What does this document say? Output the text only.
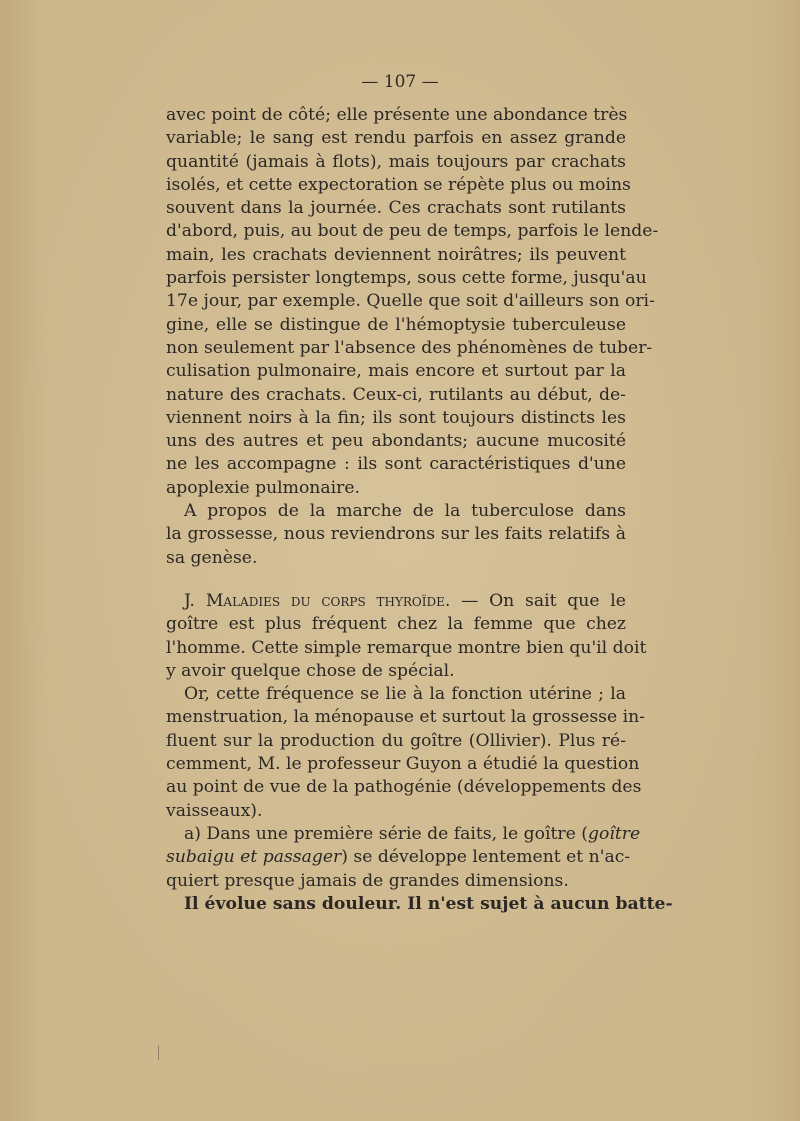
— 107 —
avec point de côté; elle présente une abondance très
variable; le sang est rendu parfois en assez grande
quantité (jamais à flots), mais toujours par crachats
isolés, et cette expectoration se répète plus ou moins
souvent dans la journée. Ces crachats sont rutilants
d'abord, puis, au bout de peu de temps, parfois le lende-
main, les crachats deviennent noirâtres; ils peuvent
parfois persister longtemps, sous cette forme, jusqu'au
17e jour, par exemple. Quelle que soit d'ailleurs son ori-
gine, elle se distingue de l'hémoptysie tuberculeuse
non seulement par l'absence des phénomènes de tuber-
culisation pulmonaire, mais encore et surtout par la
nature des crachats. Ceux-ci, rutilants au début, de-
viennent noirs à la fin; ils sont toujours distincts les
uns des autres et peu abondants; aucune mucosité
ne les accompagne : ils sont caractéristiques d'une
apoplexie pulmonaire.
A propos de la marche de la tuberculose dans
la grossesse, nous reviendrons sur les faits relatifs à
sa genèse.
J. Maladies du corps thyroïde. — On sait que le
goître est plus fréquent chez la femme que chez
l'homme. Cette simple remarque montre bien qu'il doit
y avoir quelque chose de spécial.
Or, cette fréquence se lie à la fonction utérine ; la
menstruation, la ménopause et surtout la grossesse in-
fluent sur la production du goître (Ollivier). Plus ré-
cemment, M. le professeur Guyon a étudié la question
au point de vue de la pathogénie (développements des
vaisseaux).
a) Dans une première série de faits, le goître (goître
subaigu et passager) se développe lentement et n'ac-
quiert presque jamais de grandes dimensions.
Il évolue sans douleur. Il n'est sujet à aucun batte-
